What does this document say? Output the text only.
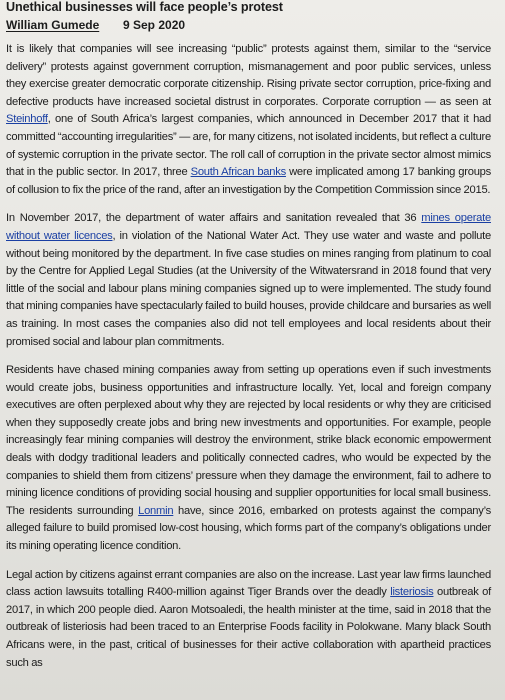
Unethical businesses will face people’s protest
William Gumede	9 Sep 2020

It is likely that companies will see increasing “public” protests against them, similar to the “service delivery” protests against government corruption, mismanagement and poor public services, unless they exercise greater democratic corporate citizenship. Rising private sector corruption, price-fixing and defective products have increased societal distrust in corporates. Corporate corruption — as seen at Steinhoff, one of South Africa’s largest companies, which announced in December 2017 that it had committed “accounting irregularities” — are, for many citizens, not isolated incidents, but reflect a culture of systemic corruption in the private sector. The roll call of corruption in the private sector almost mimics that in the public sector. In 2017, three South African banks were implicated among 17 banking groups of collusion to fix the price of the rand, after an investigation by the Competition Commission since 2015.

In November 2017, the department of water affairs and sanitation revealed that 36 mines operate without water licences, in violation of the National Water Act. They use water and waste and pollute without being monitored by the department. In five case studies on mines ranging from platinum to coal by the Centre for Applied Legal Studies (at the University of the Witwatersrand in 2018 found that very little of the social and labour plans mining companies signed up to were implemented. The study found that mining companies have spectacularly failed to build houses, provide childcare and bursaries as well as training. In most cases the companies also did not tell employees and local residents about their promised social and labour plan commitments.

Residents have chased mining companies away from setting up operations even if such investments would create jobs, business opportunities and infrastructure locally. Yet, local and foreign company executives are often perplexed about why they are rejected by local residents or why they are criticised when they supposedly create jobs and bring new investments and opportunities. For example, people increasingly fear mining companies will destroy the environment, strike black economic empowerment deals with dodgy traditional leaders and politically connected cadres, who would be expected by the companies to shield them from citizens’ pressure when they damage the environment, fail to adhere to mining licence conditions of providing social housing and supplier opportunities for local small business. The residents surrounding Lonmin have, since 2016, embarked on protests against the company’s alleged failure to build promised low-cost housing, which forms part of the company’s obligations under its mining operating licence condition.

Legal action by citizens against errant companies are also on the increase. Last year law firms launched class action lawsuits totalling R400-million against Tiger Brands over the deadly listeriosis outbreak of 2017, in which 200 people died. Aaron Motsoaledi, the health minister at the time, said in 2018 that the outbreak of listeriosis had been traced to an Enterprise Foods facility in Polokwane. Many black South Africans were, in the past, critical of businesses for their active collaboration with apartheid practices such as
